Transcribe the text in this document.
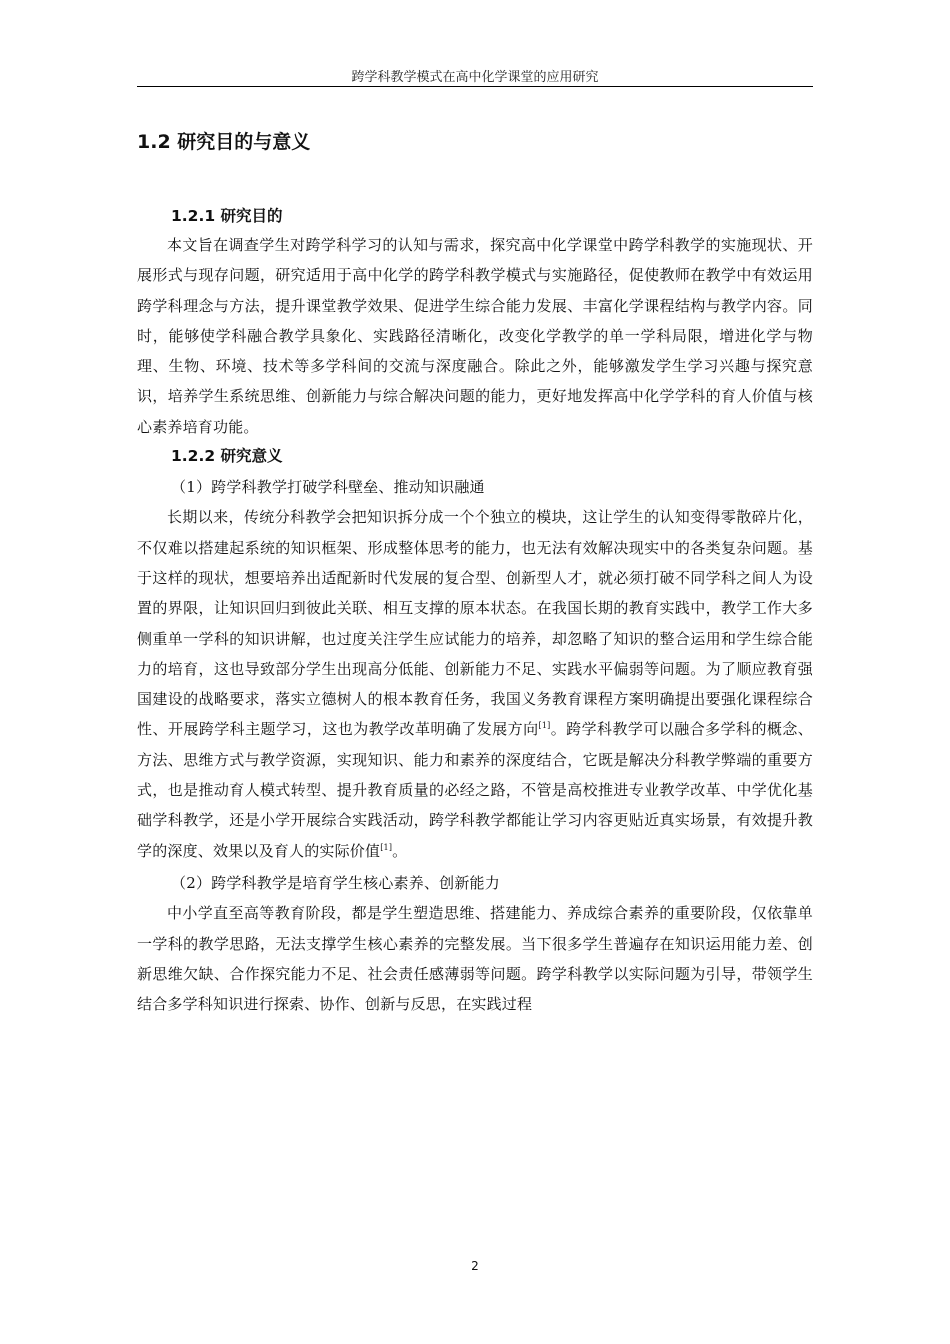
跨学科教学模式在高中化学课堂的应用研究
1.2 研究目的与意义
1.2.1 研究目的

本文旨在调查学生对跨学科学习的认知与需求，探究高中化学课堂中跨学科教学的实施现状、开展形式与现存问题，研究适用于高中化学的跨学科教学模式与实施路径，促使教师在教学中有效运用跨学科理念与方法，提升课堂教学效果、促进学生综合能力发展、丰富化学课程结构与教学内容。同时，能够使学科融合教学具象化、实践路径清晰化，改变化学教学的单一学科局限，增进化学与物理、生物、环境、技术等多学科间的交流与深度融合。除此之外，能够激发学生学习兴趣与探究意识，培养学生系统思维、创新能力与综合解决问题的能力，更好地发挥高中化学学科的育人价值与核心素养培育功能。

1.2.2 研究意义

（1）跨学科教学打破学科壁垒、推动知识融通

长期以来，传统分科教学会把知识拆分成一个个独立的模块，这让学生的认知变得零散碎片化，不仅难以搭建起系统的知识框架、形成整体思考的能力，也无法有效解决现实中的各类复杂问题。基于这样的现状，想要培养出适配新时代发展的复合型、创新型人才，就必须打破不同学科之间人为设置的界限，让知识回归到彼此关联、相互支撑的原本状态。在我国长期的教育实践中，教学工作大多侧重单一学科的知识讲解，也过度关注学生应试能力的培养，却忽略了知识的整合运用和学生综合能力的培育，这也导致部分学生出现高分低能、创新能力不足、实践水平偏弱等问题。为了顺应教育强国建设的战略要求，落实立德树人的根本教育任务，我国义务教育课程方案明确提出要强化课程综合性、开展跨学科主题学习，这也为教学改革明确了发展方向[1]。跨学科教学可以融合多学科的概念、方法、思维方式与教学资源，实现知识、能力和素养的深度结合，它既是解决分科教学弊端的重要方式，也是推动育人模式转型、提升教育质量的必经之路，不管是高校推进专业教学改革、中学优化基础学科教学，还是小学开展综合实践活动，跨学科教学都能让学习内容更贴近真实场景，有效提升教学的深度、效果以及育人的实际价值[1]。

（2）跨学科教学是培育学生核心素养、创新能力

中小学直至高等教育阶段，都是学生塑造思维、搭建能力、养成综合素养的重要阶段，仅依靠单一学科的教学思路，无法支撑学生核心素养的完整发展。当下很多学生普遍存在知识运用能力差、创新思维欠缺、合作探究能力不足、社会责任感薄弱等问题。跨学科教学以实际问题为引导，带领学生结合多学科知识进行探索、协作、创新与反思，在实践过程

2
